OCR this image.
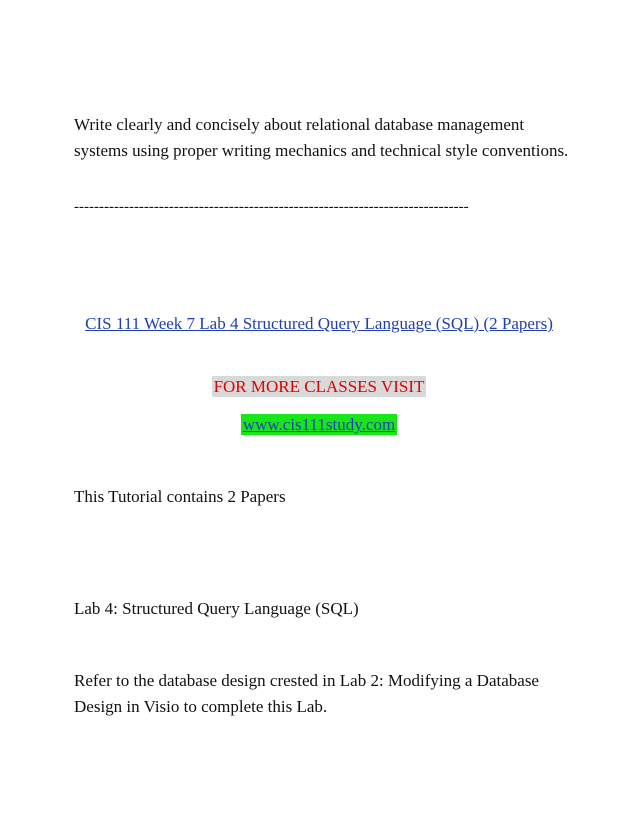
Write clearly and concisely about relational database management systems using proper writing mechanics and technical style conventions.

-------------------------------------------------------------------------------
CIS 111 Week 7 Lab 4 Structured Query Language (SQL) (2 Papers)
FOR MORE CLASSES VISIT
www.cis111study.com

This Tutorial contains 2 Papers

Lab 4: Structured Query Language (SQL)

Refer to the database design crested in Lab 2: Modifying a Database Design in Visio to complete this Lab.
